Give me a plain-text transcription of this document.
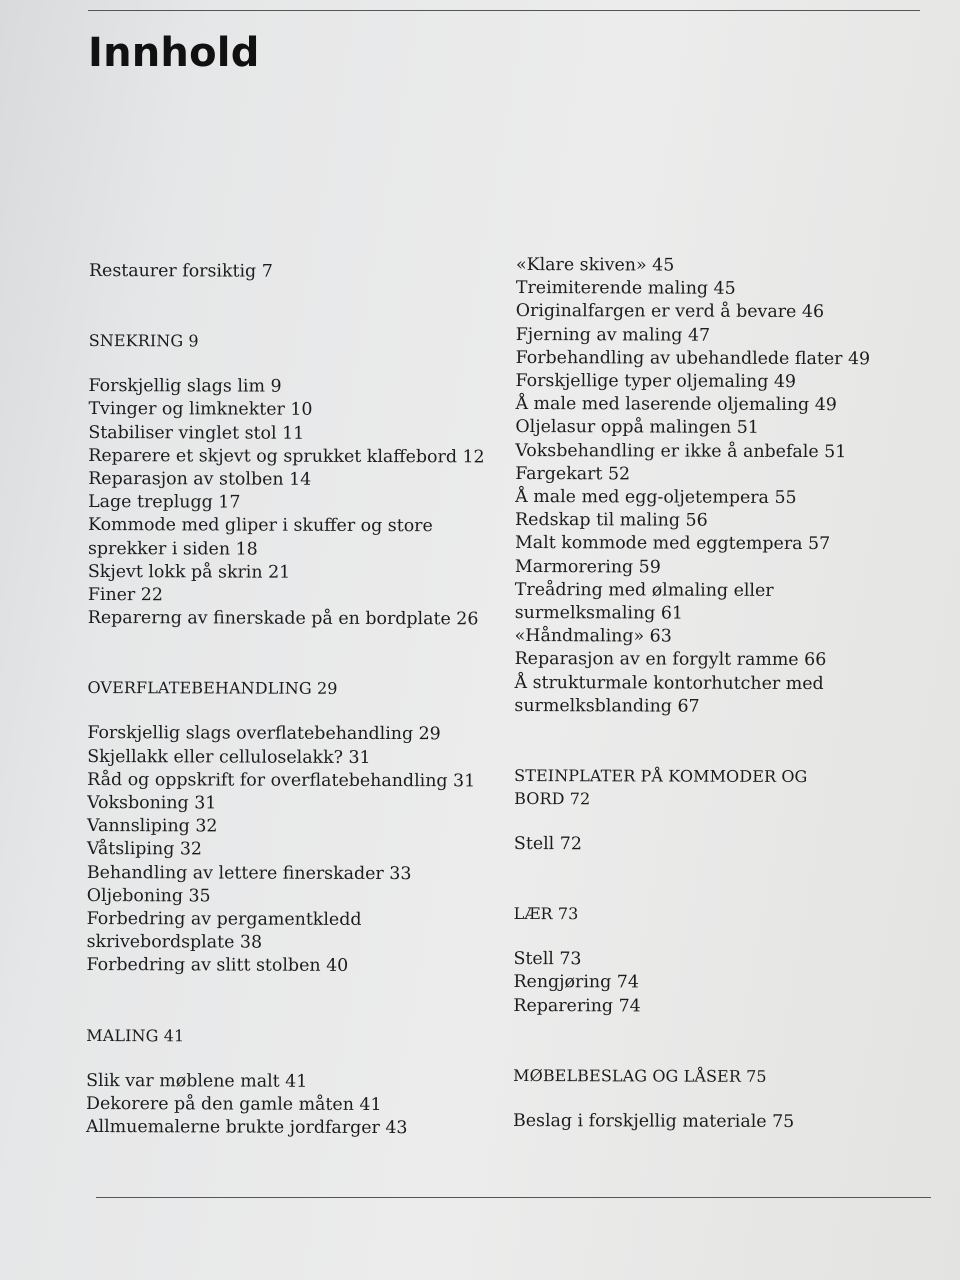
Innhold
Restaurer forsiktig 7
SNEKRING 9
Forskjellig slags lim 9
Tvinger og limknekter 10
Stabiliser vinglet stol 11
Reparere et skjevt og sprukket klaffebord 12
Reparasjon av stolben 14
Lage treplugg 17
Kommode med gliper i skuffer og store sprekker i siden 18
Skjevt lokk på skrin 21
Finer 22
Reparerng av finerskade på en bordplate 26
OVERFLATEBEHANDLING 29
Forskjellig slags overflatebehandling 29
Skjellakk eller celluloselakk? 31
Råd og oppskrift for overflatebehandling 31
Voksboning 31
Vannsliping 32
Våtsliping 32
Behandling av lettere finerskader 33
Oljeboning 35
Forbedring av pergamentkledd skrivebordsplate 38
Forbedring av slitt stolben 40
MALING 41
Slik var møblene malt 41
Dekorere på den gamle måten 41
Allmuemalerne brukte jordfarger 43
«Klare skiven» 45
Treimiterende maling 45
Originalfargen er verd å bevare 46
Fjerning av maling 47
Forbehandling av ubehandlede flater 49
Forskjellige typer oljemaling 49
Å male med laserende oljemaling 49
Oljelasur oppå malingen 51
Voksbehandling er ikke å anbefale 51
Fargekart 52
Å male med egg-oljetempera 55
Redskap til maling 56
Malt kommode med eggtempera 57
Marmorering 59
Treådring med ølmaling eller surmelksmaling 61
«Håndmaling» 63
Reparasjon av en forgylt ramme 66
Å strukturmale kontorhutcher med surmelksblanding 67
STEINPLATER PÅ KOMMODER OG BORD 72
Stell 72
LÆR 73
Stell 73
Rengjøring 74
Reparering 74
MØBELBESLAG OG LÅSER 75
Beslag i forskjellig materiale 75
